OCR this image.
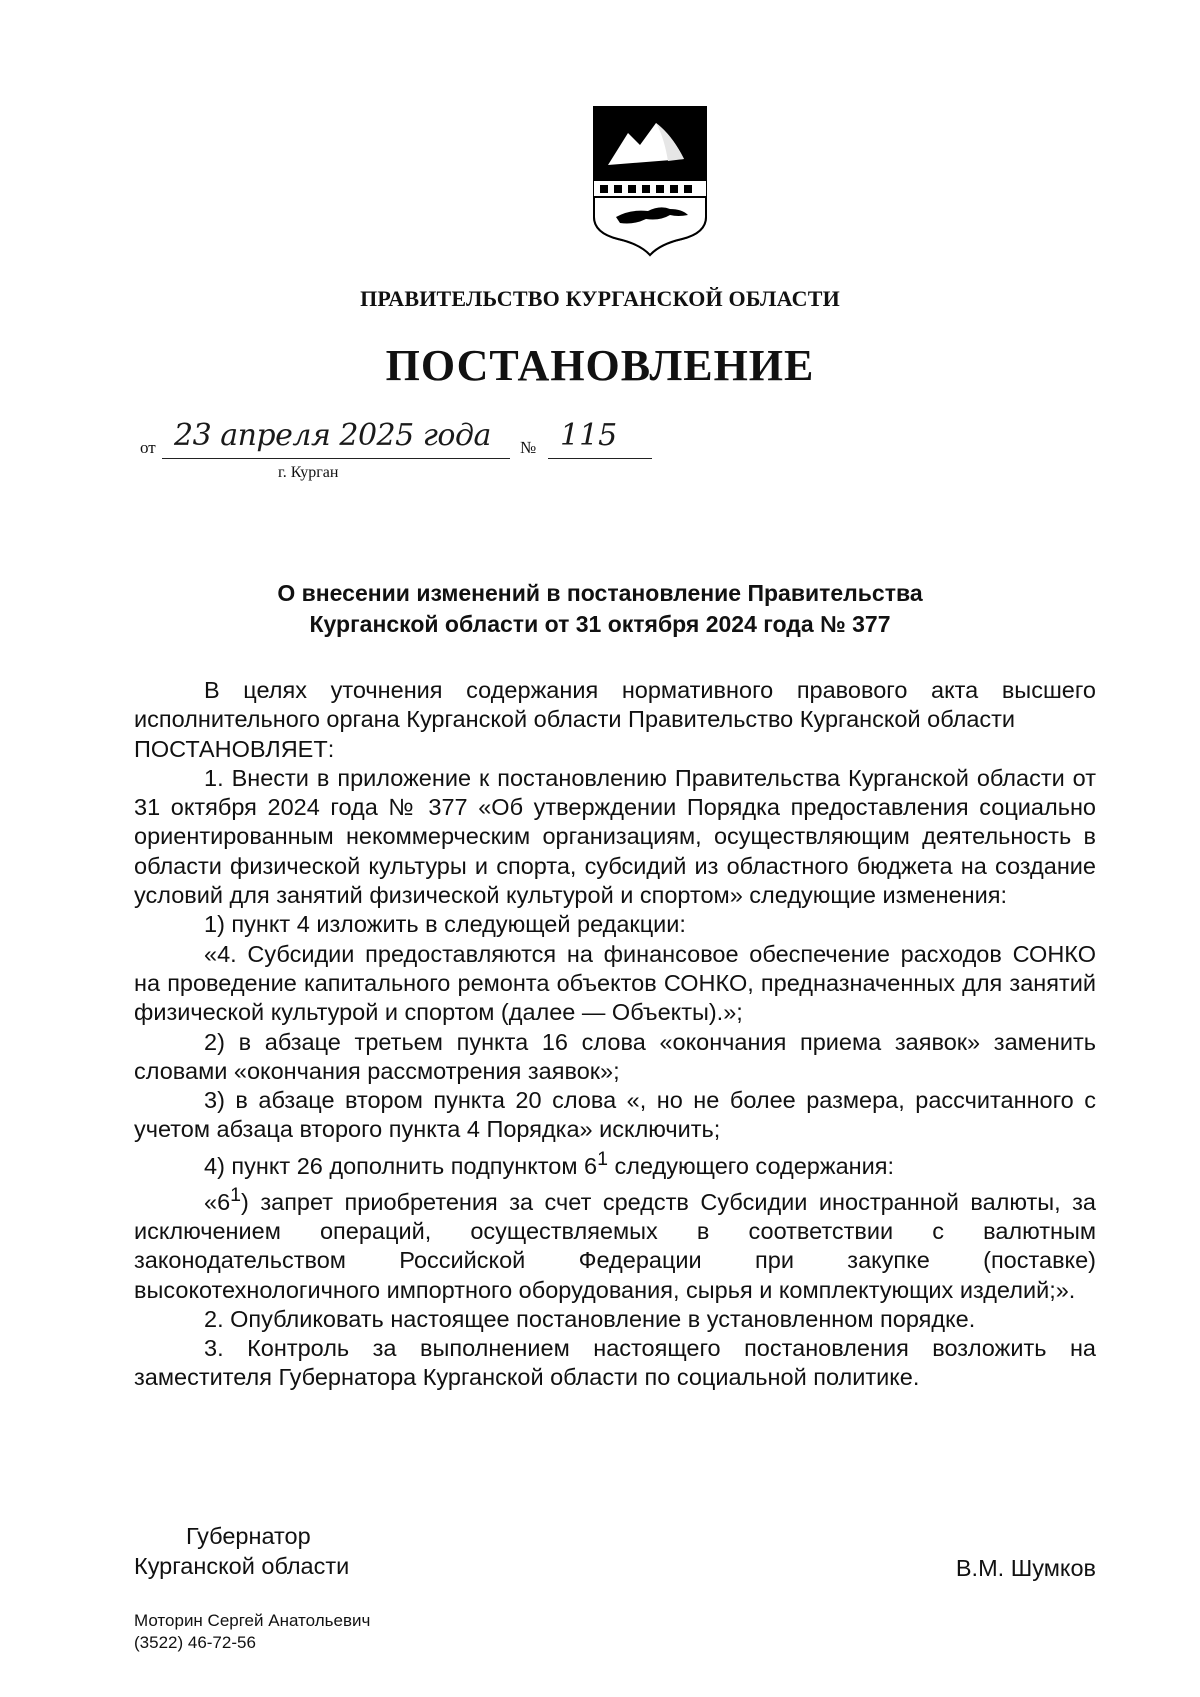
ПРАВИТЕЛЬСТВО КУРГАНСКОЙ ОБЛАСТИ
ПОСТАНОВЛЕНИЕ
от 23 апреля 2025 года № 115
г. Курган
О внесении изменений в постановление Правительства
Курганской области от 31 октября 2024 года № 377

В целях уточнения содержания нормативного правового акта высшего исполнительного органа Курганской области Правительство Курганской области

ПОСТАНОВЛЯЕТ:

1. Внести в приложение к постановлению Правительства Курганской области от 31 октября 2024 года № 377 «Об утверждении Порядка предоставления социально ориентированным некоммерческим организациям, осуществляющим деятельность в области физической культуры и спорта, субсидий из областного бюджета на создание условий для занятий физической культурой и спортом» следующие изменения:

1) пункт 4 изложить в следующей редакции:

«4. Субсидии предоставляются на финансовое обеспечение расходов СОНКО на проведение капитального ремонта объектов СОНКО, предназначенных для занятий физической культурой и спортом (далее — Объекты).»;

2) в абзаце третьем пункта 16 слова «окончания приема заявок» заменить словами «окончания рассмотрения заявок»;

3) в абзаце втором пункта 20 слова «, но не более размера, рассчитанного с учетом абзаца второго пункта 4 Порядка» исключить;

4) пункт 26 дополнить подпунктом $6^1$ следующего содержания:

«$6^1$) запрет приобретения за счет средств Субсидии иностранной валюты, за исключением операций, осуществляемых в соответствии с валютным законодательством Российской Федерации при закупке (поставке) высокотехнологичного импортного оборудования, сырья и комплектующих изделий;».

2. Опубликовать настоящее постановление в установленном порядке.

3. Контроль за выполнением настоящего постановления возложить на заместителя Губернатора Курганской области по социальной политике.

Губернатор
Курганской области	В.М. Шумков
Моторин Сергей Анатольевич
(3522) 46-72-56
